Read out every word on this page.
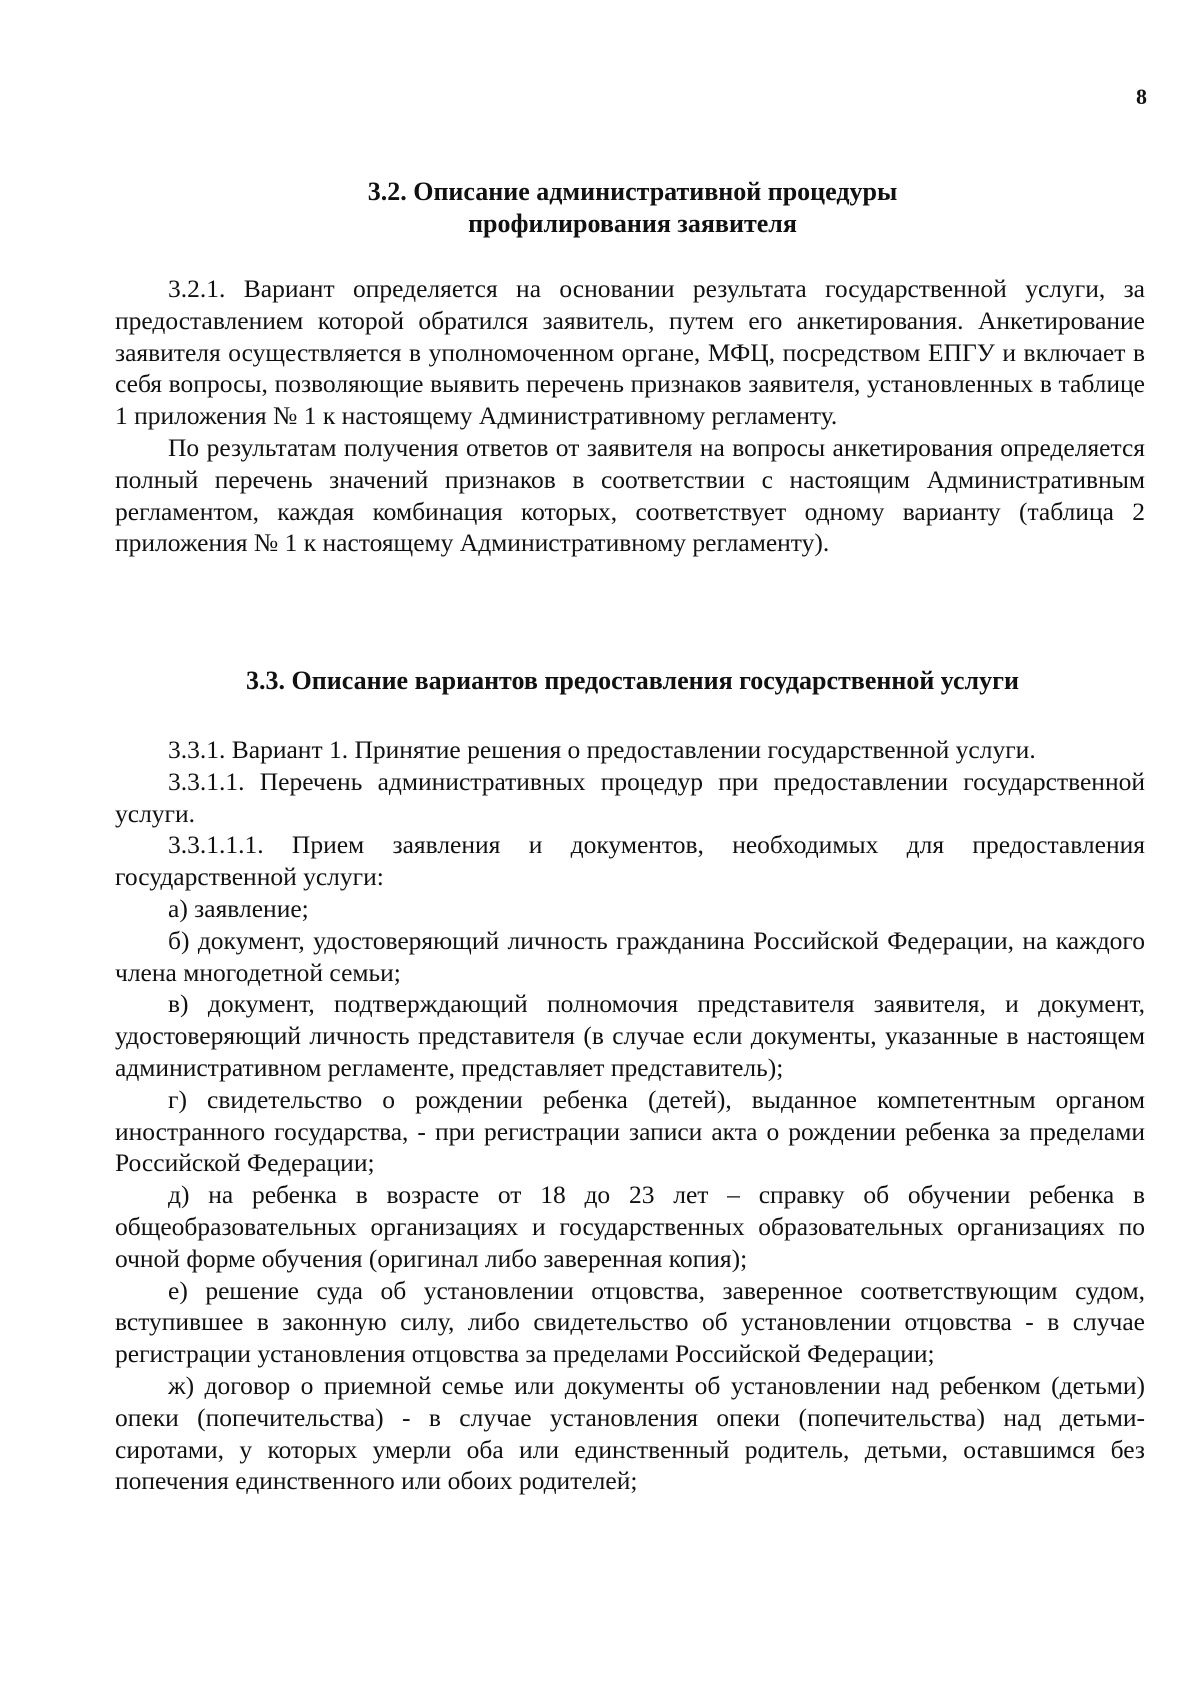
8
3.2. Описание административной процедуры
профилирования заявителя

3.2.1. Вариант определяется на основании результата государственной услуги, за предоставлением которой обратился заявитель, путем его анкетирования. Анкетирование заявителя осуществляется в уполномоченном органе, МФЦ, посредством ЕПГУ и включает в себя вопросы, позволяющие выявить перечень признаков заявителя, установленных в таблице 1 приложения № 1 к настоящему Административному регламенту.

По результатам получения ответов от заявителя на вопросы анкетирования определяется полный перечень значений признаков в соответствии с настоящим Административным регламентом, каждая комбинация которых, соответствует одному варианту (таблица 2 приложения № 1 к настоящему Административному регламенту).

3.3. Описание вариантов предоставления государственной услуги

3.3.1. Вариант 1. Принятие решения о предоставлении государственной услуги.

3.3.1.1. Перечень административных процедур при предоставлении государственной услуги.

3.3.1.1.1. Прием заявления и документов, необходимых для предоставления государственной услуги:

а) заявление;

б) документ, удостоверяющий личность гражданина Российской Федерации, на каждого члена многодетной семьи;

в) документ, подтверждающий полномочия представителя заявителя, и документ, удостоверяющий личность представителя (в случае если документы, указанные в настоящем административном регламенте, представляет представитель);

г) свидетельство о рождении ребенка (детей), выданное компетентным органом иностранного государства, - при регистрации записи акта о рождении ребенка за пределами Российской Федерации;

д) на ребенка в возрасте от 18 до 23 лет – справку об обучении ребенка в общеобразовательных организациях и государственных образовательных организациях по очной форме обучения (оригинал либо заверенная копия);

е) решение суда об установлении отцовства, заверенное соответствующим судом, вступившее в законную силу, либо свидетельство об установлении отцовства - в случае регистрации установления отцовства за пределами Российской Федерации;

ж) договор о приемной семье или документы об установлении над ребенком (детьми) опеки (попечительства) - в случае установления опеки (попечительства) над детьми-сиротами, у которых умерли оба или единственный родитель, детьми, оставшимся без попечения единственного или обоих родителей;
